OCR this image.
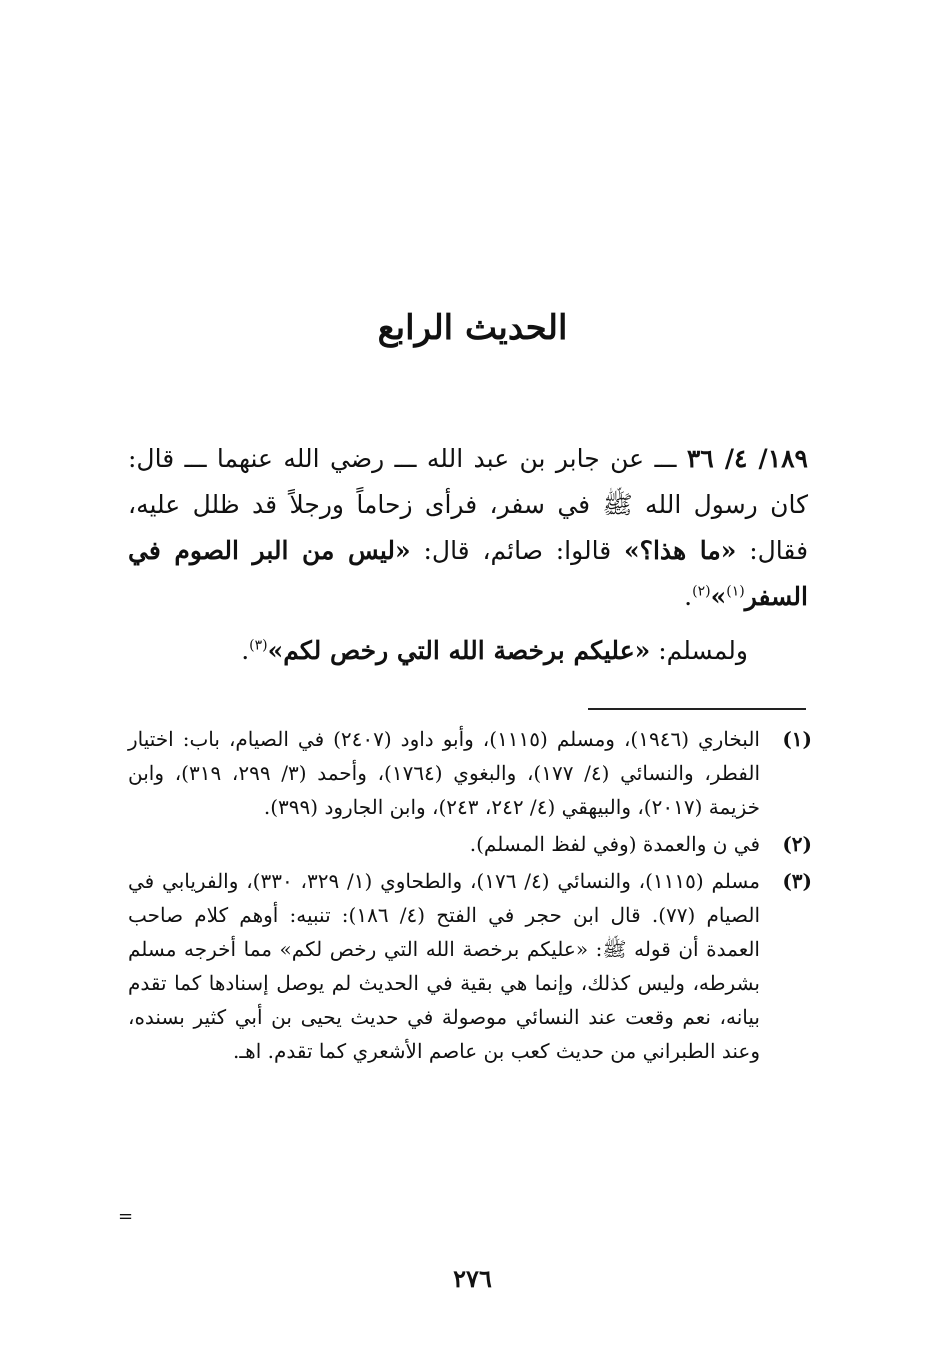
الحديث الرابع

١٨٩/ ٤/ ٣٦ ـــ عن جابر بن عبد الله ـــ رضي الله عنهما ـــ قال: كان رسول الله ﷺ في سفر، فرأى زحاماً ورجلاً قد ظلل عليه، فقال: «ما هذا؟» قالوا: صائم، قال: «ليس من البر الصوم في السفر$^{(١)}$»$^{(٢)}$.

ولمسلم: «عليكم برخصة الله التي رخص لكم»$^{(٣)}$.

(١)
البخاري (١٩٤٦)، ومسلم (١١١٥)، وأبو داود (٢٤٠٧) في الصيام، باب: اختيار الفطر، والنسائي (٤/ ١٧٧)، والبغوي (١٧٦٤)، وأحمد (٣/ ٢٩٩، ٣١٩)، وابن خزيمة (٢٠١٧)، والبيهقي (٤/ ٢٤٢، ٢٤٣)، وابن الجارود (٣٩٩).
(٢)
في ن والعمدة (وفي لفظ المسلم).
(٣)
مسلم (١١١٥)، والنسائي (٤/ ١٧٦)، والطحاوي (١/ ٣٢٩، ٣٣٠)، والفريابي في الصيام (٧٧). قال ابن حجر في الفتح (٤/ ١٨٦): تنبيه: أوهم كلام صاحب العمدة أن قوله ﷺ: «عليكم برخصة الله التي رخص لكم» مما أخرجه مسلم بشرطه، وليس كذلك، وإنما هي بقية في الحديث لم يوصل إسنادها كما تقدم بيانه، نعم وقعت عند النسائي موصولة في حديث يحيى بن أبي كثير بسنده، وعند الطبراني من حديث كعب بن عاصم الأشعري كما تقدم. اهـ.
=
٢٧٦
